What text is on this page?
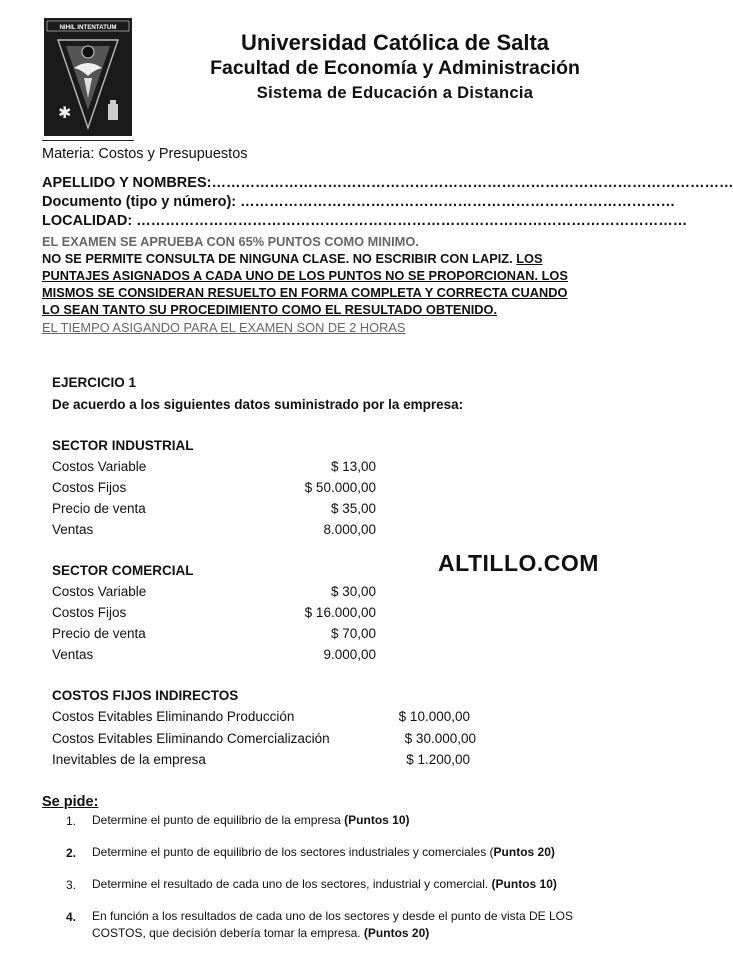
NIHIL INTENTATUM
✱
Universidad Católica de Salta
Facultad de Economía y Administración
Sistema de Educación a Distancia
Materia: Costos y Presupuestos
APELLIDO Y NOMBRES:………………………………………………………………………………………………
Documento (tipo y número): ………………………………………………………………………………
LOCALIDAD: ……………………………………………………………………………………………………
EL EXAMEN SE APRUEBA CON 65% PUNTOS COMO MINIMO.
NO SE PERMITE CONSULTA DE NINGUNA CLASE. NO ESCRIBIR CON LAPIZ. LOS
PUNTAJES ASIGNADOS A CADA UNO DE LOS PUNTOS NO SE PROPORCIONAN. LOS
MISMOS SE CONSIDERAN RESUELTO EN FORMA COMPLETA Y CORRECTA CUANDO
LO SEAN TANTO SU PROCEDIMIENTO COMO EL RESULTADO OBTENIDO.
EL TIEMPO ASIGANDO PARA EL EXAMEN SON DE 2 HORAS
EJERCICIO 1
De acuerdo a los siguientes datos suministrado por la empresa:
SECTOR INDUSTRIAL
Costos Variable	$ 13,00
Costos Fijos	$ 50.000,00
Precio de venta	$ 35,00
Ventas	8.000,00
ALTILLO.COM
SECTOR COMERCIAL
Costos Variable	$ 30,00
Costos Fijos	$ 16.000,00
Precio de venta	$ 70,00
Ventas	9.000,00
COSTOS FIJOS INDIRECTOS
Costos Evitables Eliminando Producción	$ 10.000,00
Costos Evitables Eliminando Comercialización	$ 30.000,00
Inevitables de la empresa	$ 1.200,00
Se pide:
1. Determine el punto de equilibrio de la empresa (Puntos 10)
2. Determine el punto de equilibrio de los sectores industriales y comerciales (Puntos 20)
3. Determine el resultado de cada uno de los sectores, industrial y comercial. (Puntos 10)
4. En función a los resultados de cada uno de los sectores y desde el punto de vista DE LOS COSTOS, que decisión debería tomar la empresa. (Puntos 20)
